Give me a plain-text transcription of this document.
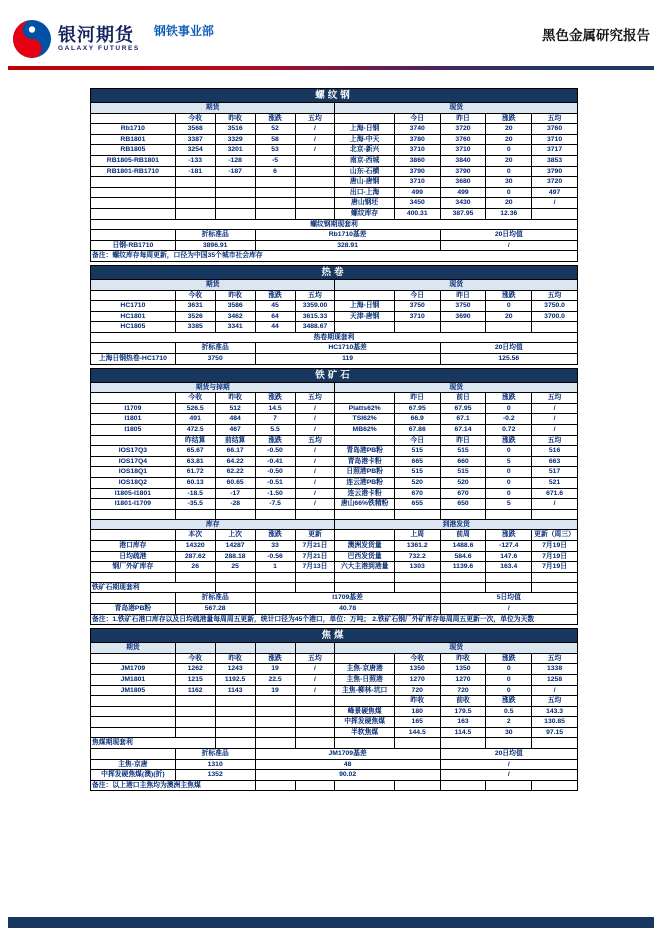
银河期货
GALAXY FUTURES
钢铁事业部	黑色金属研究报告
螺纹钢									
期货					现货				
	今收	昨收	涨跌	五均		今日	昨日	涨跌	五均
Rb1710	3568	3516	52	/	上海-日钢	3740	3720	20	3760
RB1801	3387	3329	58	/	上海-中天	3780	3760	20	3710
RB1805	3254	3201	53	/	北京-新兴	3710	3710	0	3717
RB1805-RB1801	-133	-128	-5		南京-西城	3860	3840	20	3853
RB1801-RB1710	-181	-187	6		山东-石横	3790	3790	0	3790
					唐山-唐钢	3710	3680	30	3720
					出口-上海	499	499	0	497
					唐山钢坯	3450	3430	20	/
					螺纹库存	400.31	387.95	12.36	
螺纹钢期现套利									
	折标准品		Rb1710基差				20日均值		
日钢-RB1710	3896.91		328.91				/		
备注：螺纹库存每周更新，口径为中国35个城市社会库存									
热卷									
期货					现货				
	今收	昨收	涨跌	五均		今日	昨日	涨跌	五均
HC1710	3631	3586	45	3359.00	上海-日钢	3750	3750	0	3750.0
HC1801	3526	3462	64	3615.33	天津-唐钢	3710	3690	20	3700.0
HC1805	3385	3341	44	3488.67					
热卷期现套利									
	折标准品		HC1710基差				20日均值		
上海日钢热卷-HC1710	3750		119				125.56		
铁矿石									
期货与掉期					现货				
	今收	昨收	涨跌	五均		昨日	前日	涨跌	五均
I1709	526.5	512	14.5	/	Platts62%	67.95	67.95	0	/
I1801	491	484	7	/	TSI62%	66.9	67.1	-0.2	/
I1805	472.5	467	5.5	/	MB62%	67.86	67.14	0.72	/
	昨结算	前结算	涨跌	五均		今日	昨日	涨跌	五均
IOS17Q3	65.67	66.17	-0.50	/	青岛港PB粉	515	515	0	516
IOS17Q4	63.81	64.22	-0.41	/	青岛港卡粉	665	660	5	663
IOS18Q1	61.72	62.22	-0.50	/	日照港PB粉	515	515	0	517
IOS18Q2	60.13	60.65	-0.51	/	连云港PB粉	520	520	0	521
I1805-I1801	-18.5	-17	-1.50	/	连云港卡粉	670	670	0	671.6
I1801-I1709	-35.5	-28	-7.5	/	唐山66%铁精粉	655	650	5	/

库存					到港发货				
	本次	上次	涨跌	更新		上周	前周	涨跌	更新（周三）
港口库存	14320	14287	33	7月21日	澳洲发货量	1361.2	1488.6	-127.4	7月19日
日均疏港	287.62	288.18	-0.56	7月21日	巴西发货量	732.2	584.6	147.6	7月19日
钢厂外矿库存	26	25	1	7月13日	六大主港到港量	1303	1139.6	163.4	7月19日

铁矿石期现套利									
	折标准品		I1709基差				5日均值		
青岛港PB粉	567.28		40.78				/		
备注：1.铁矿石港口库存以及日均疏港量每周周五更新，统计口径为45个港口，单位：万吨； 2.铁矿石钢厂外矿库存每周周五更新一次，单位为天数									
焦煤									
期货					现货				
	今收	昨收	涨跌	五均		今收	昨收	涨跌	五均
JM1709	1262	1243	19	/	主焦-京唐港	1350	1350	0	1338
JM1801	1215	1192.5	22.5	/	主焦-日照港	1270	1270	0	1258
JM1805	1162	1143	19	/	主焦-柳林-坑口	720	720	0	/
						昨收	前收	涨跌	五均
					峰景硬焦煤	180	179.5	0.5	143.3
					中挥发硬焦煤	165	163	2	130.85
					半软焦煤	144.5	114.5	30	97.15
焦煤期现套利									
	折标准品		JM1709基差				20日均值		
主焦-京唐	1310		48				/		
中挥发硬焦煤(澳)(折)	1352		90.02				/		
备注：以上港口主焦均为澳洲主焦煤									
